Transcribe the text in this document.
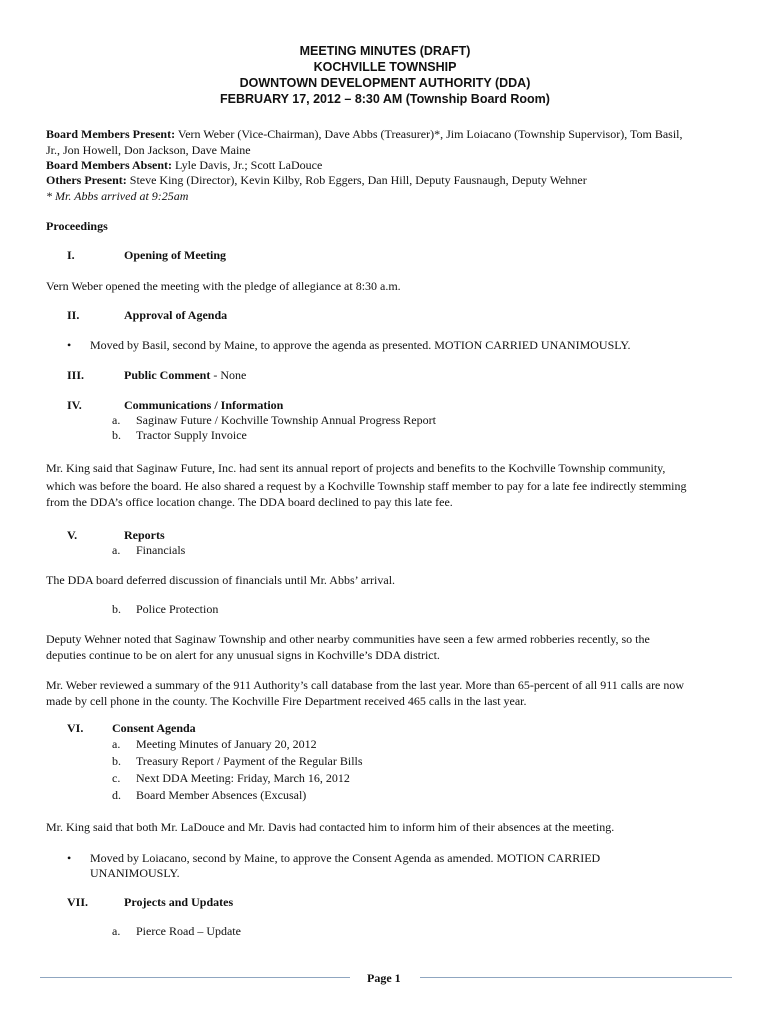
MEETING MINUTES (DRAFT)
KOCHVILLE TOWNSHIP
DOWNTOWN DEVELOPMENT AUTHORITY (DDA)
FEBRUARY 17, 2012 – 8:30 AM (Township Board Room)
Board Members Present: Vern Weber (Vice-Chairman), Dave Abbs (Treasurer)*, Jim Loiacano (Township Supervisor), Tom Basil,
Jr., Jon Howell, Don Jackson, Dave Maine
Board Members Absent: Lyle Davis, Jr.; Scott LaDouce
Others Present: Steve King (Director), Kevin Kilby, Rob Eggers, Dan Hill, Deputy Fausnaugh, Deputy Wehner
* Mr. Abbs arrived at 9:25am
Proceedings
I.	Opening of Meeting
Vern Weber opened the meeting with the pledge of allegiance at 8:30 a.m.
II.	Approval of Agenda
• Moved by Basil, second by Maine, to approve the agenda as presented. MOTION CARRIED UNANIMOUSLY.
III.	Public Comment - None
IV.	Communications / Information
a. Saginaw Future / Kochville Township Annual Progress Report
b. Tractor Supply Invoice
Mr. King said that Saginaw Future, Inc. had sent its annual report of projects and benefits to the Kochville Township community,
which was before the board. He also shared a request by a Kochville Township staff member to pay for a late fee indirectly stemming
from the DDA’s office location change. The DDA board declined to pay this late fee.
V.	Reports
a. Financials
The DDA board deferred discussion of financials until Mr. Abbs’ arrival.
b. Police Protection
Deputy Wehner noted that Saginaw Township and other nearby communities have seen a few armed robberies recently, so the
deputies continue to be on alert for any unusual signs in Kochville’s DDA district.
Mr. Weber reviewed a summary of the 911 Authority’s call database from the last year. More than 65-percent of all 911 calls are now
made by cell phone in the county. The Kochville Fire Department received 465 calls in the last year.
VI. Consent Agenda
a. Meeting Minutes of January 20, 2012
b. Treasury Report / Payment of the Regular Bills
c. Next DDA Meeting: Friday, March 16, 2012
d. Board Member Absences (Excusal)
Mr. King said that both Mr. LaDouce and Mr. Davis had contacted him to inform him of their absences at the meeting.
• Moved by Loiacano, second by Maine, to approve the Consent Agenda as amended. MOTION CARRIED
UNANIMOUSLY.
VII.	Projects and Updates
a. Pierce Road – Update
Page 1
